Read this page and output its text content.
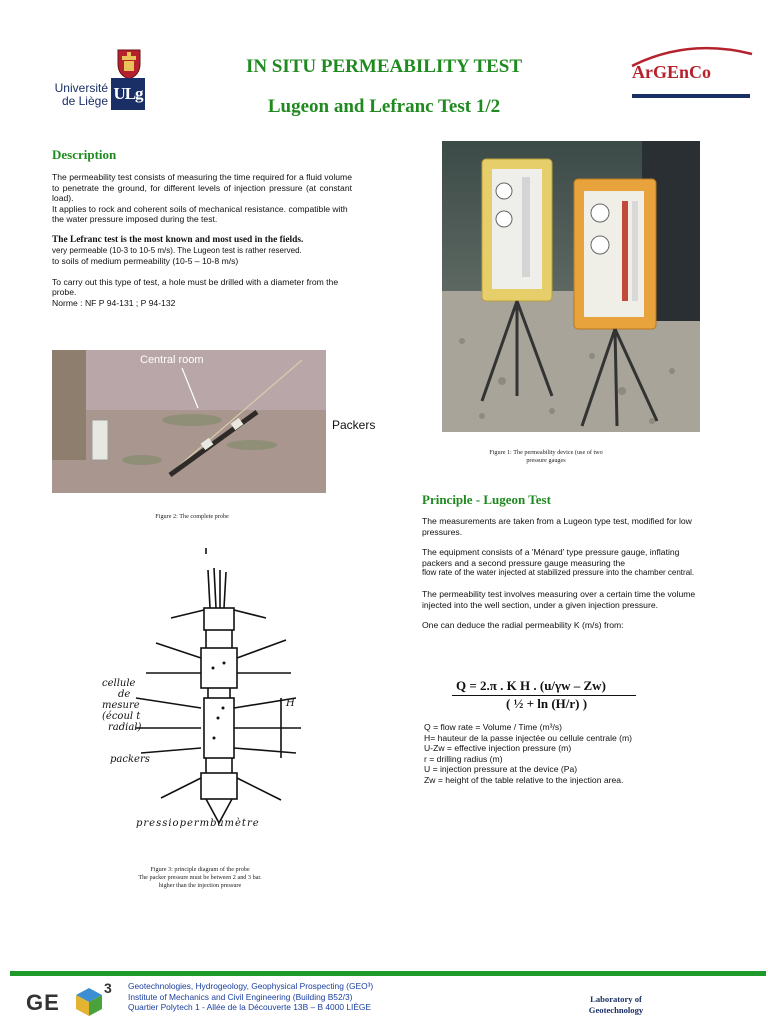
Université
de Liège ULg
IN SITU PERMEABILITY TEST
Lugeon and Lefranc Test 1/2
ArGEnCo
Description

The permeability test consists of measuring the time required for a fluid volume to penetrate the ground, for different levels of injection pressure (at constant load).

It applies to rock and coherent soils of mechanical resistance. compatible with the water pressure imposed during the test.

The Lefranc test is the most known and most used in the fields.

very permeable (10-3 to 10-5 m/s). The Lugeon test is rather reserved.

to soils of medium permeability (10-5 – 10-8 m/s)

To carry out this type of test, a hole must be drilled with a diameter from the probe.

Norme : NF P 94-131 ; P 94-132

Figure 1: The permeability device (use of two
pressure gauges
Central room
Packers
Figure 2: The complete probe
cellule
de
mesure
(écoul t
radial)
packers
H
pressiopermbamètre
Figure 3: principle diagram of the probe
The packer pressure must be between 2 and 3 bar.
higher than the injection pressure
Principle - Lugeon Test

The measurements are taken from a Lugeon type test, modified for low pressures.

The equipment consists of a 'Ménard' type pressure gauge, inflating packers and a second pressure gauge measuring the

flow rate of the water injected at stabilized pressure into the chamber central.

The permeability test involves measuring over a certain time the volume injected into the well section, under a given injection pressure.

One can deduce the radial permeability K (m/s) from:

Q = 2.π . K H . (u/γw – Zw)
( ½ + ln (H/r) )

Q = flow rate = Volume / Time (m³/s)

H= hauteur de la passe injectée ou cellule centrale (m)

U-Zw = effective injection pressure (m)

r = drilling radius (m)

U = injection pressure at the device (Pa)

Zw = height of the table relative to the injection area.

GE
3 Geotechnologies, Hydrogeology, Geophysical Prospecting (GEO³)
Institute of Mechanics and Civil Engineering (Building B52/3)
Quartier Polytech 1 - Allée de la Découverte 13B – B 4000 LIÈGE
Laboratory of
Geotechnology
